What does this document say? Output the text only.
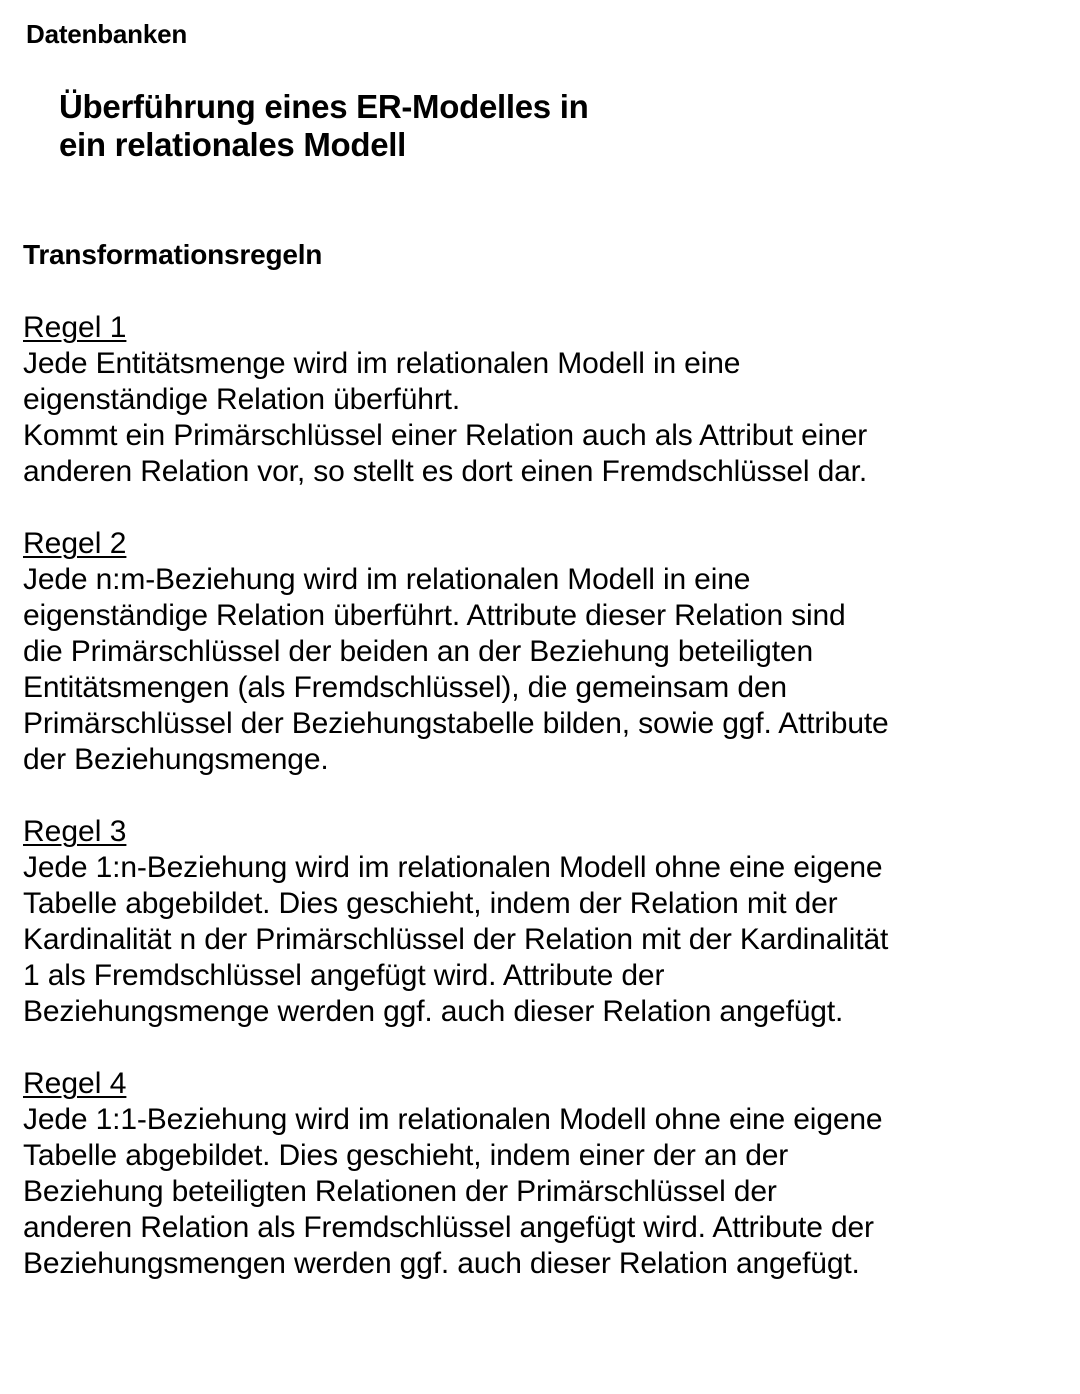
Datenbanken
Überführung eines ER-Modelles in
ein relationales Modell
Transformationsregeln
Regel 1
Jede Entitätsmenge wird im relationalen Modell in eine
eigenständige Relation überführt.
Kommt ein Primärschlüssel einer Relation auch als Attribut einer
anderen Relation vor, so stellt es dort einen Fremdschlüssel dar.
Regel 2
Jede n:m-Beziehung wird im relationalen Modell in eine
eigenständige Relation überführt. Attribute dieser Relation sind
die Primärschlüssel der beiden an der Beziehung beteiligten
Entitätsmengen (als Fremdschlüssel), die gemeinsam den
Primärschlüssel der Beziehungstabelle bilden, sowie ggf. Attribute
der Beziehungsmenge.
Regel 3
Jede 1:n-Beziehung wird im relationalen Modell ohne eine eigene
Tabelle abgebildet. Dies geschieht, indem der Relation mit der
Kardinalität n der Primärschlüssel der Relation mit der Kardinalität
1 als Fremdschlüssel angefügt wird. Attribute der
Beziehungsmenge werden ggf. auch dieser Relation angefügt.
Regel 4
Jede 1:1-Beziehung wird im relationalen Modell ohne eine eigene
Tabelle abgebildet. Dies geschieht, indem einer der an der
Beziehung beteiligten Relationen der Primärschlüssel der
anderen Relation als Fremdschlüssel angefügt wird. Attribute der
Beziehungsmengen werden ggf. auch dieser Relation angefügt.
